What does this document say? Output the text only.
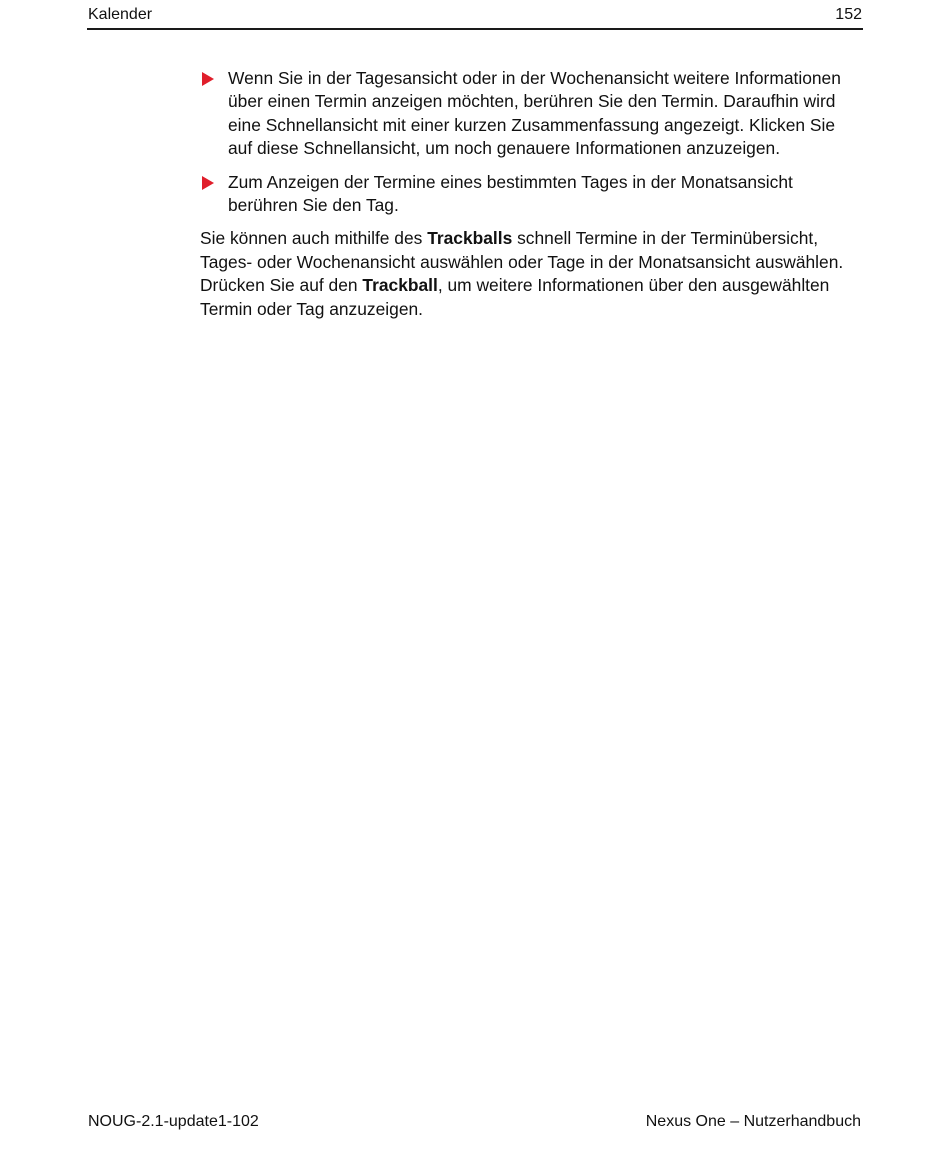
Kalender	152
Wenn Sie in der Tagesansicht oder in der Wochenansicht weitere Informationen über einen Termin anzeigen möchten, berühren Sie den Termin. Daraufhin wird eine Schnellansicht mit einer kurzen Zusammenfassung angezeigt. Klicken Sie auf diese Schnellansicht, um noch genauere Informationen anzuzeigen.
Zum Anzeigen der Termine eines bestimmten Tages in der Monatsansicht berühren Sie den Tag.
Sie können auch mithilfe des Trackballs schnell Termine in der Terminübersicht, Tages- oder Wochenansicht auswählen oder Tage in der Monatsansicht auswählen. Drücken Sie auf den Trackball, um weitere Informationen über den ausgewählten Termin oder Tag anzuzeigen.
NOUG-2.1-update1-102	Nexus One – Nutzerhandbuch
